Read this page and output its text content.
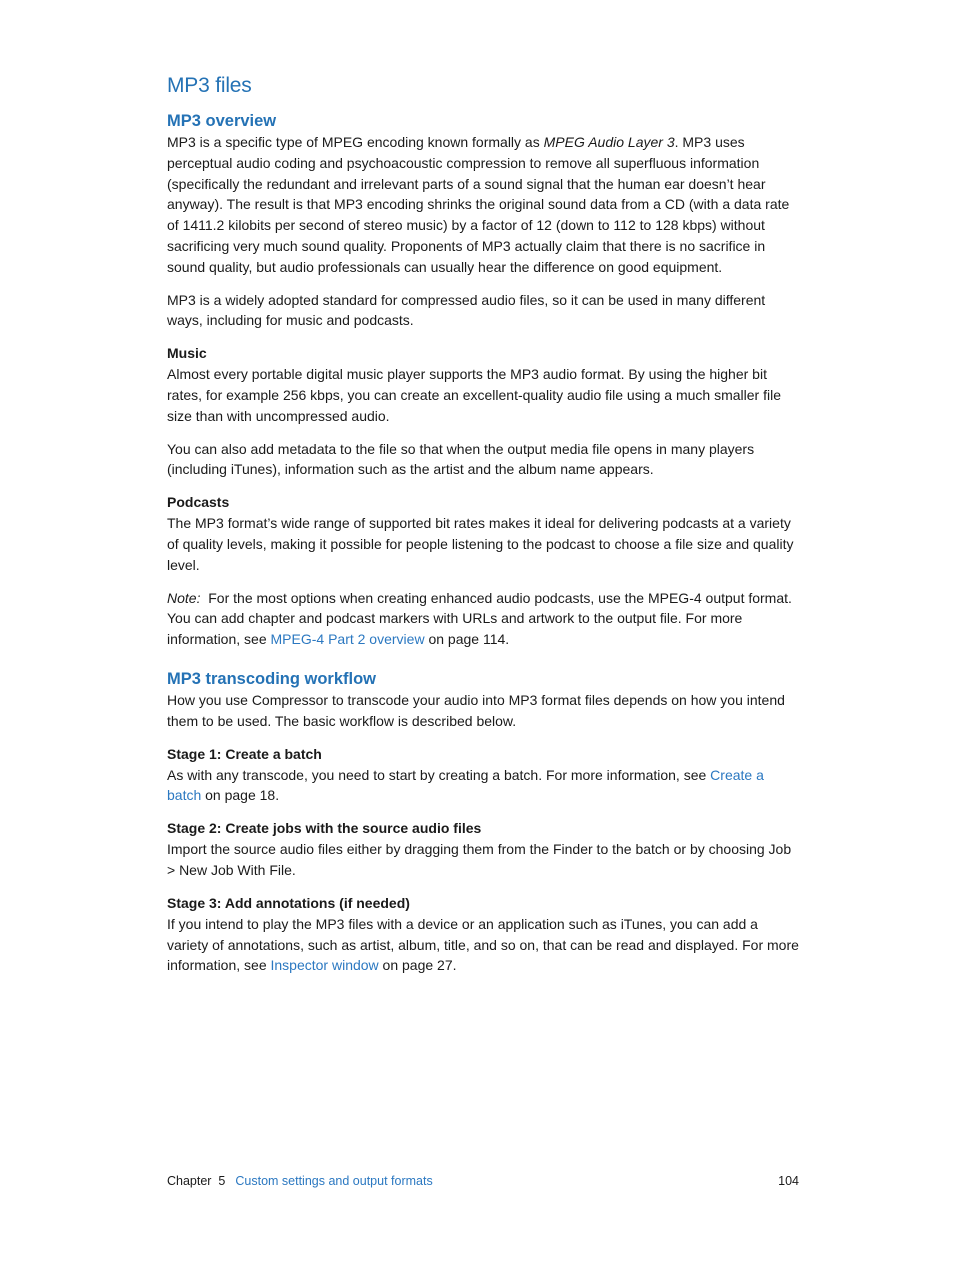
MP3 files
MP3 overview

MP3 is a specific type of MPEG encoding known formally as MPEG Audio Layer 3. MP3 uses perceptual audio coding and psychoacoustic compression to remove all superfluous information (specifically the redundant and irrelevant parts of a sound signal that the human ear doesn’t hear anyway). The result is that MP3 encoding shrinks the original sound data from a CD (with a data rate of 1411.2 kilobits per second of stereo music) by a factor of 12 (down to 112 to 128 kbps) without sacrificing very much sound quality. Proponents of MP3 actually claim that there is no sacrifice in sound quality, but audio professionals can usually hear the difference on good equipment.

MP3 is a widely adopted standard for compressed audio files, so it can be used in many different ways, including for music and podcasts.

Music

Almost every portable digital music player supports the MP3 audio format. By using the higher bit rates, for example 256 kbps, you can create an excellent-quality audio file using a much smaller file size than with uncompressed audio.

You can also add metadata to the file so that when the output media file opens in many players (including iTunes), information such as the artist and the album name appears.

Podcasts

The MP3 format’s wide range of supported bit rates makes it ideal for delivering podcasts at a variety of quality levels, making it possible for people listening to the podcast to choose a file size and quality level.

Note:  For the most options when creating enhanced audio podcasts, use the MPEG-4 output format. You can add chapter and podcast markers with URLs and artwork to the output file. For more information, see MPEG-4 Part 2 overview on page 114.

MP3 transcoding workflow

How you use Compressor to transcode your audio into MP3 format files depends on how you intend them to be used. The basic workflow is described below.

Stage 1: Create a batch

As with any transcode, you need to start by creating a batch. For more information, see Create a batch on page 18.

Stage 2: Create jobs with the source audio files

Import the source audio files either by dragging them from the Finder to the batch or by choosing Job > New Job With File.

Stage 3: Add annotations (if needed)

If you intend to play the MP3 files with a device or an application such as iTunes, you can add a variety of annotations, such as artist, album, title, and so on, that can be read and displayed. For more information, see Inspector window on page 27.

Chapter  5 Custom settings and output formats	104
